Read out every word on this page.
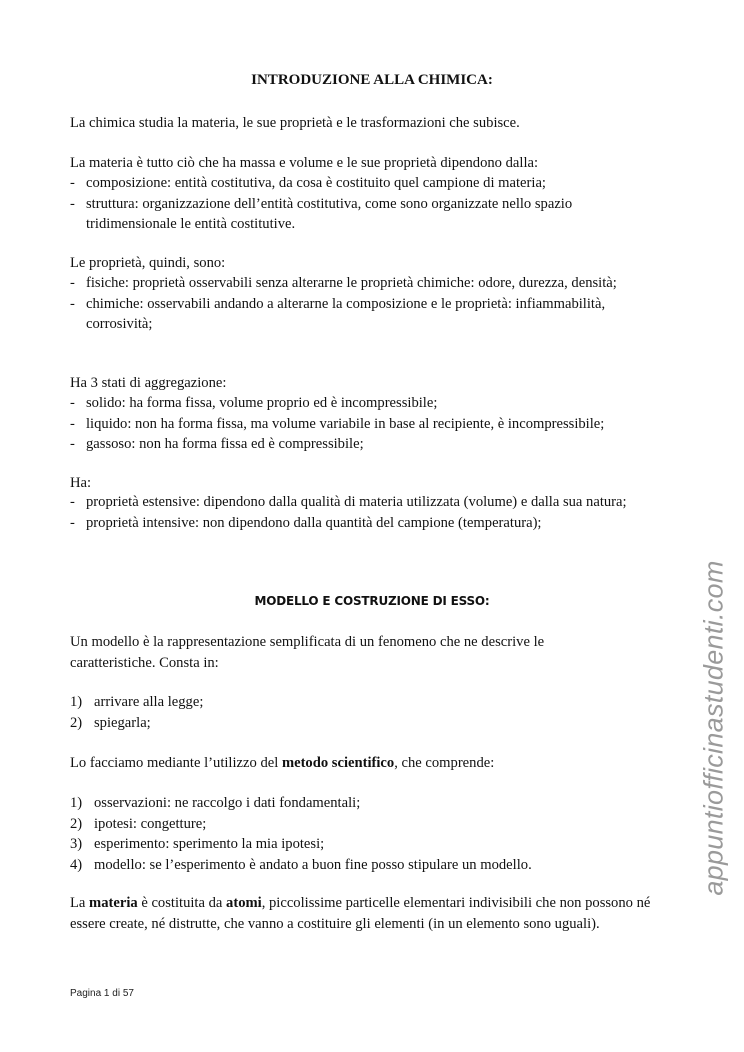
INTRODUZIONE ALLA CHIMICA:
La chimica studia la materia, le sue proprietà e le trasformazioni che subisce.
La materia è tutto ciò che ha massa e volume e le sue proprietà dipendono dalla:
- composizione: entità costitutiva, da cosa è costituito quel campione di materia;
- struttura: organizzazione dell’entità costitutiva, come sono organizzate nello spazio tridimensionale le entità costitutive.
Le proprietà, quindi, sono:
- fisiche: proprietà osservabili senza alterarne le proprietà chimiche: odore, durezza, densità;
- chimiche: osservabili andando a alterarne la composizione e le proprietà: infiammabilità, corrosività;
Ha 3 stati di aggregazione:
- solido: ha forma fissa, volume proprio ed è incompressibile;
- liquido: non ha forma fissa, ma volume variabile in base al recipiente, è incompressibile;
- gassoso: non ha forma fissa ed è compressibile;
Ha:
- proprietà estensive: dipendono dalla qualità di materia utilizzata (volume) e dalla sua natura;
- proprietà intensive: non dipendono dalla quantità del campione (temperatura);
MODELLO E COSTRUZIONE DI ESSO:
Un modello è la rappresentazione semplificata di un fenomeno che ne descrive le caratteristiche. Consta in:
1) arrivare alla legge;
2) spiegarla;
Lo facciamo mediante l’utilizzo del metodo scientifico, che comprende:
1) osservazioni: ne raccolgo i dati fondamentali;
2) ipotesi: congetture;
3) esperimento: sperimento la mia ipotesi;
4) modello: se l’esperimento è andato a buon fine posso stipulare un modello.
La materia è costituita da atomi, piccolissime particelle elementari indivisibili che non possono né essere create, né distrutte, che vanno a costituire gli elementi (in un elemento sono uguali).
Pagina 1 di 57
appuntiofficinastudenti.com
